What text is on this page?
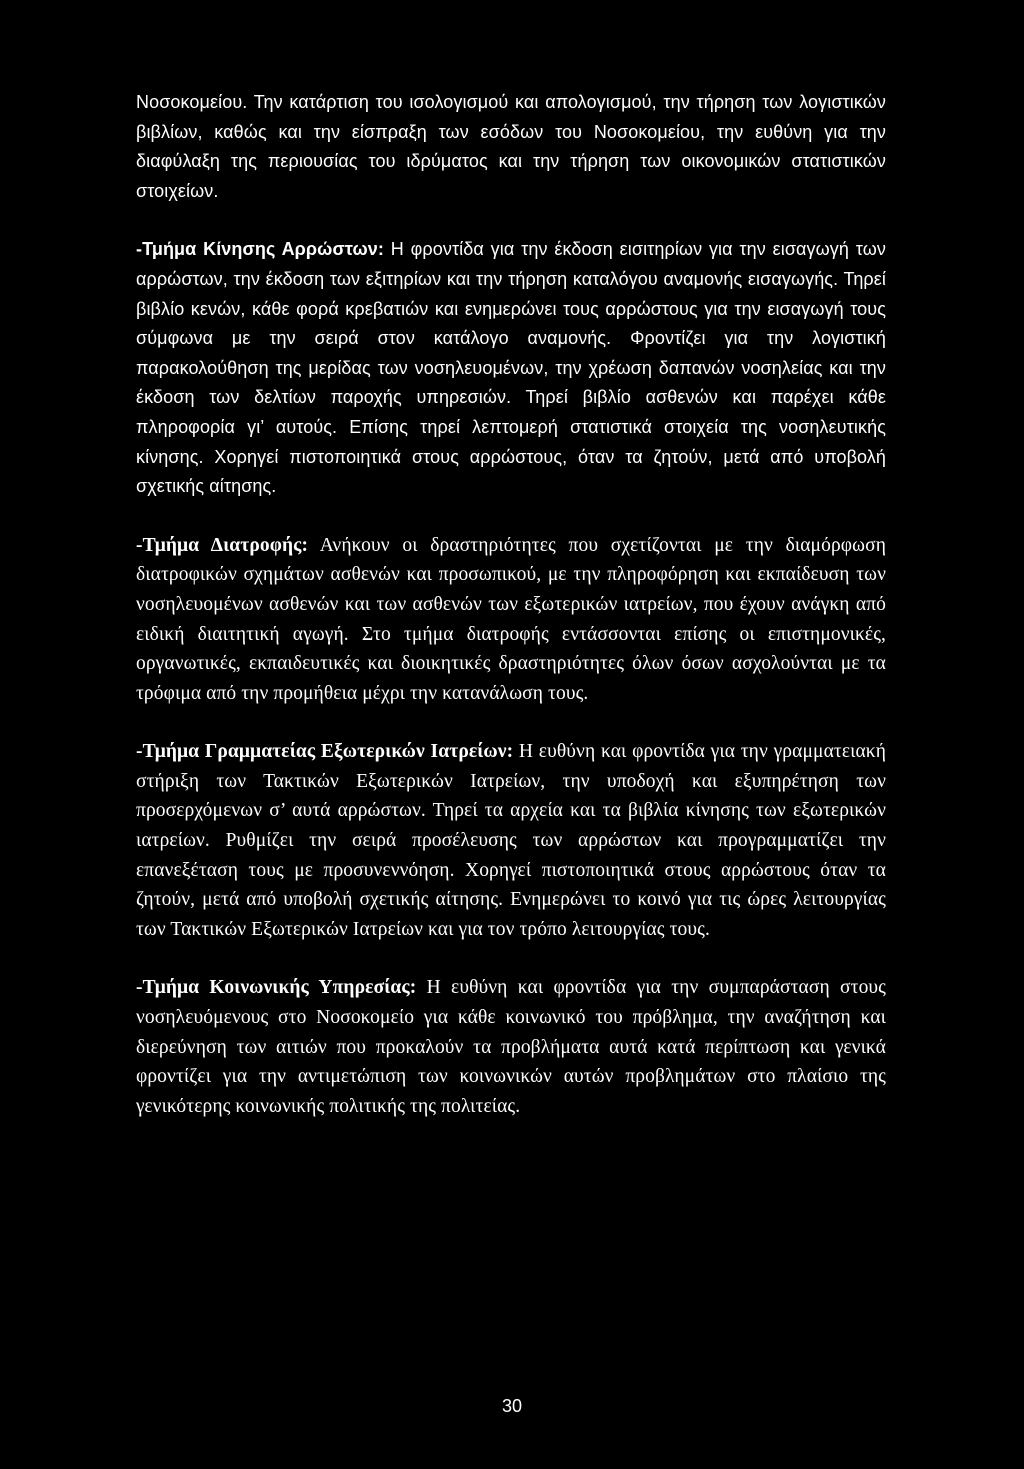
Νοσοκομείου. Την κατάρτιση του ισολογισμού και απολογισμού, την τήρηση των λογιστικών βιβλίων, καθώς και την είσπραξη των εσόδων του Νοσοκομείου, την ευθύνη για την διαφύλαξη της περιουσίας του ιδρύματος και την τήρηση των οικονομικών στατιστικών στοιχείων.

-Τμήμα Κίνησης Αρρώστων: Η φροντίδα για την έκδοση εισιτηρίων για την εισαγωγή των αρρώστων, την έκδοση των εξιτηρίων και την τήρηση καταλόγου αναμονής εισαγωγής. Τηρεί βιβλίο κενών, κάθε φορά κρεβατιών και ενημερώνει τους αρρώστους για την εισαγωγή τους σύμφωνα με την σειρά στον κατάλογο αναμονής. Φροντίζει για την λογιστική παρακολούθηση της μερίδας των νοσηλευομένων, την χρέωση δαπανών νοσηλείας και την έκδοση των δελτίων παροχής υπηρεσιών. Τηρεί βιβλίο ασθενών και παρέχει κάθε πληροφορία γι’ αυτούς. Επίσης τηρεί λεπτομερή στατιστικά στοιχεία της νοσηλευτικής κίνησης. Χορηγεί πιστοποιητικά στους αρρώστους, όταν τα ζητούν, μετά από υποβολή σχετικής αίτησης.

-Τμήμα Διατροφής: Ανήκουν οι δραστηριότητες που σχετίζονται με την διαμόρφωση διατροφικών σχημάτων ασθενών και προσωπικού, με την πληροφόρηση και εκπαίδευση των νοσηλευομένων ασθενών και των ασθενών των εξωτερικών ιατρείων, που έχουν ανάγκη από ειδική διαιτητική αγωγή. Στο τμήμα διατροφής εντάσσονται επίσης οι επιστημονικές, οργανωτικές, εκπαιδευτικές και διοικητικές δραστηριότητες όλων όσων ασχολούνται με τα τρόφιμα από την προμήθεια μέχρι την κατανάλωση τους.

-Τμήμα Γραμματείας Εξωτερικών Ιατρείων: Η ευθύνη και φροντίδα για την γραμματειακή στήριξη των Τακτικών Εξωτερικών Ιατρείων, την υποδοχή και εξυπηρέτηση των προσερχόμενων σ’ αυτά αρρώστων. Τηρεί τα αρχεία και τα βιβλία κίνησης των εξωτερικών ιατρείων. Ρυθμίζει την σειρά προσέλευσης των αρρώστων και προγραμματίζει την επανεξέταση τους με προσυνεννόηση. Χορηγεί πιστοποιητικά στους αρρώστους όταν τα ζητούν, μετά από υποβολή σχετικής αίτησης. Ενημερώνει το κοινό για τις ώρες λειτουργίας των Τακτικών Εξωτερικών Ιατρείων και για τον τρόπο λειτουργίας τους.

-Τμήμα Κοινωνικής Υπηρεσίας: Η ευθύνη και φροντίδα για την συμπαράσταση στους νοσηλευόμενους στο Νοσοκομείο για κάθε κοινωνικό του πρόβλημα, την αναζήτηση και διερεύνηση των αιτιών που προκαλούν τα προβλήματα αυτά κατά περίπτωση και γενικά φροντίζει για την αντιμετώπιση των κοινωνικών αυτών προβλημάτων στο πλαίσιο της γενικότερης κοινωνικής πολιτικής της πολιτείας.

30
